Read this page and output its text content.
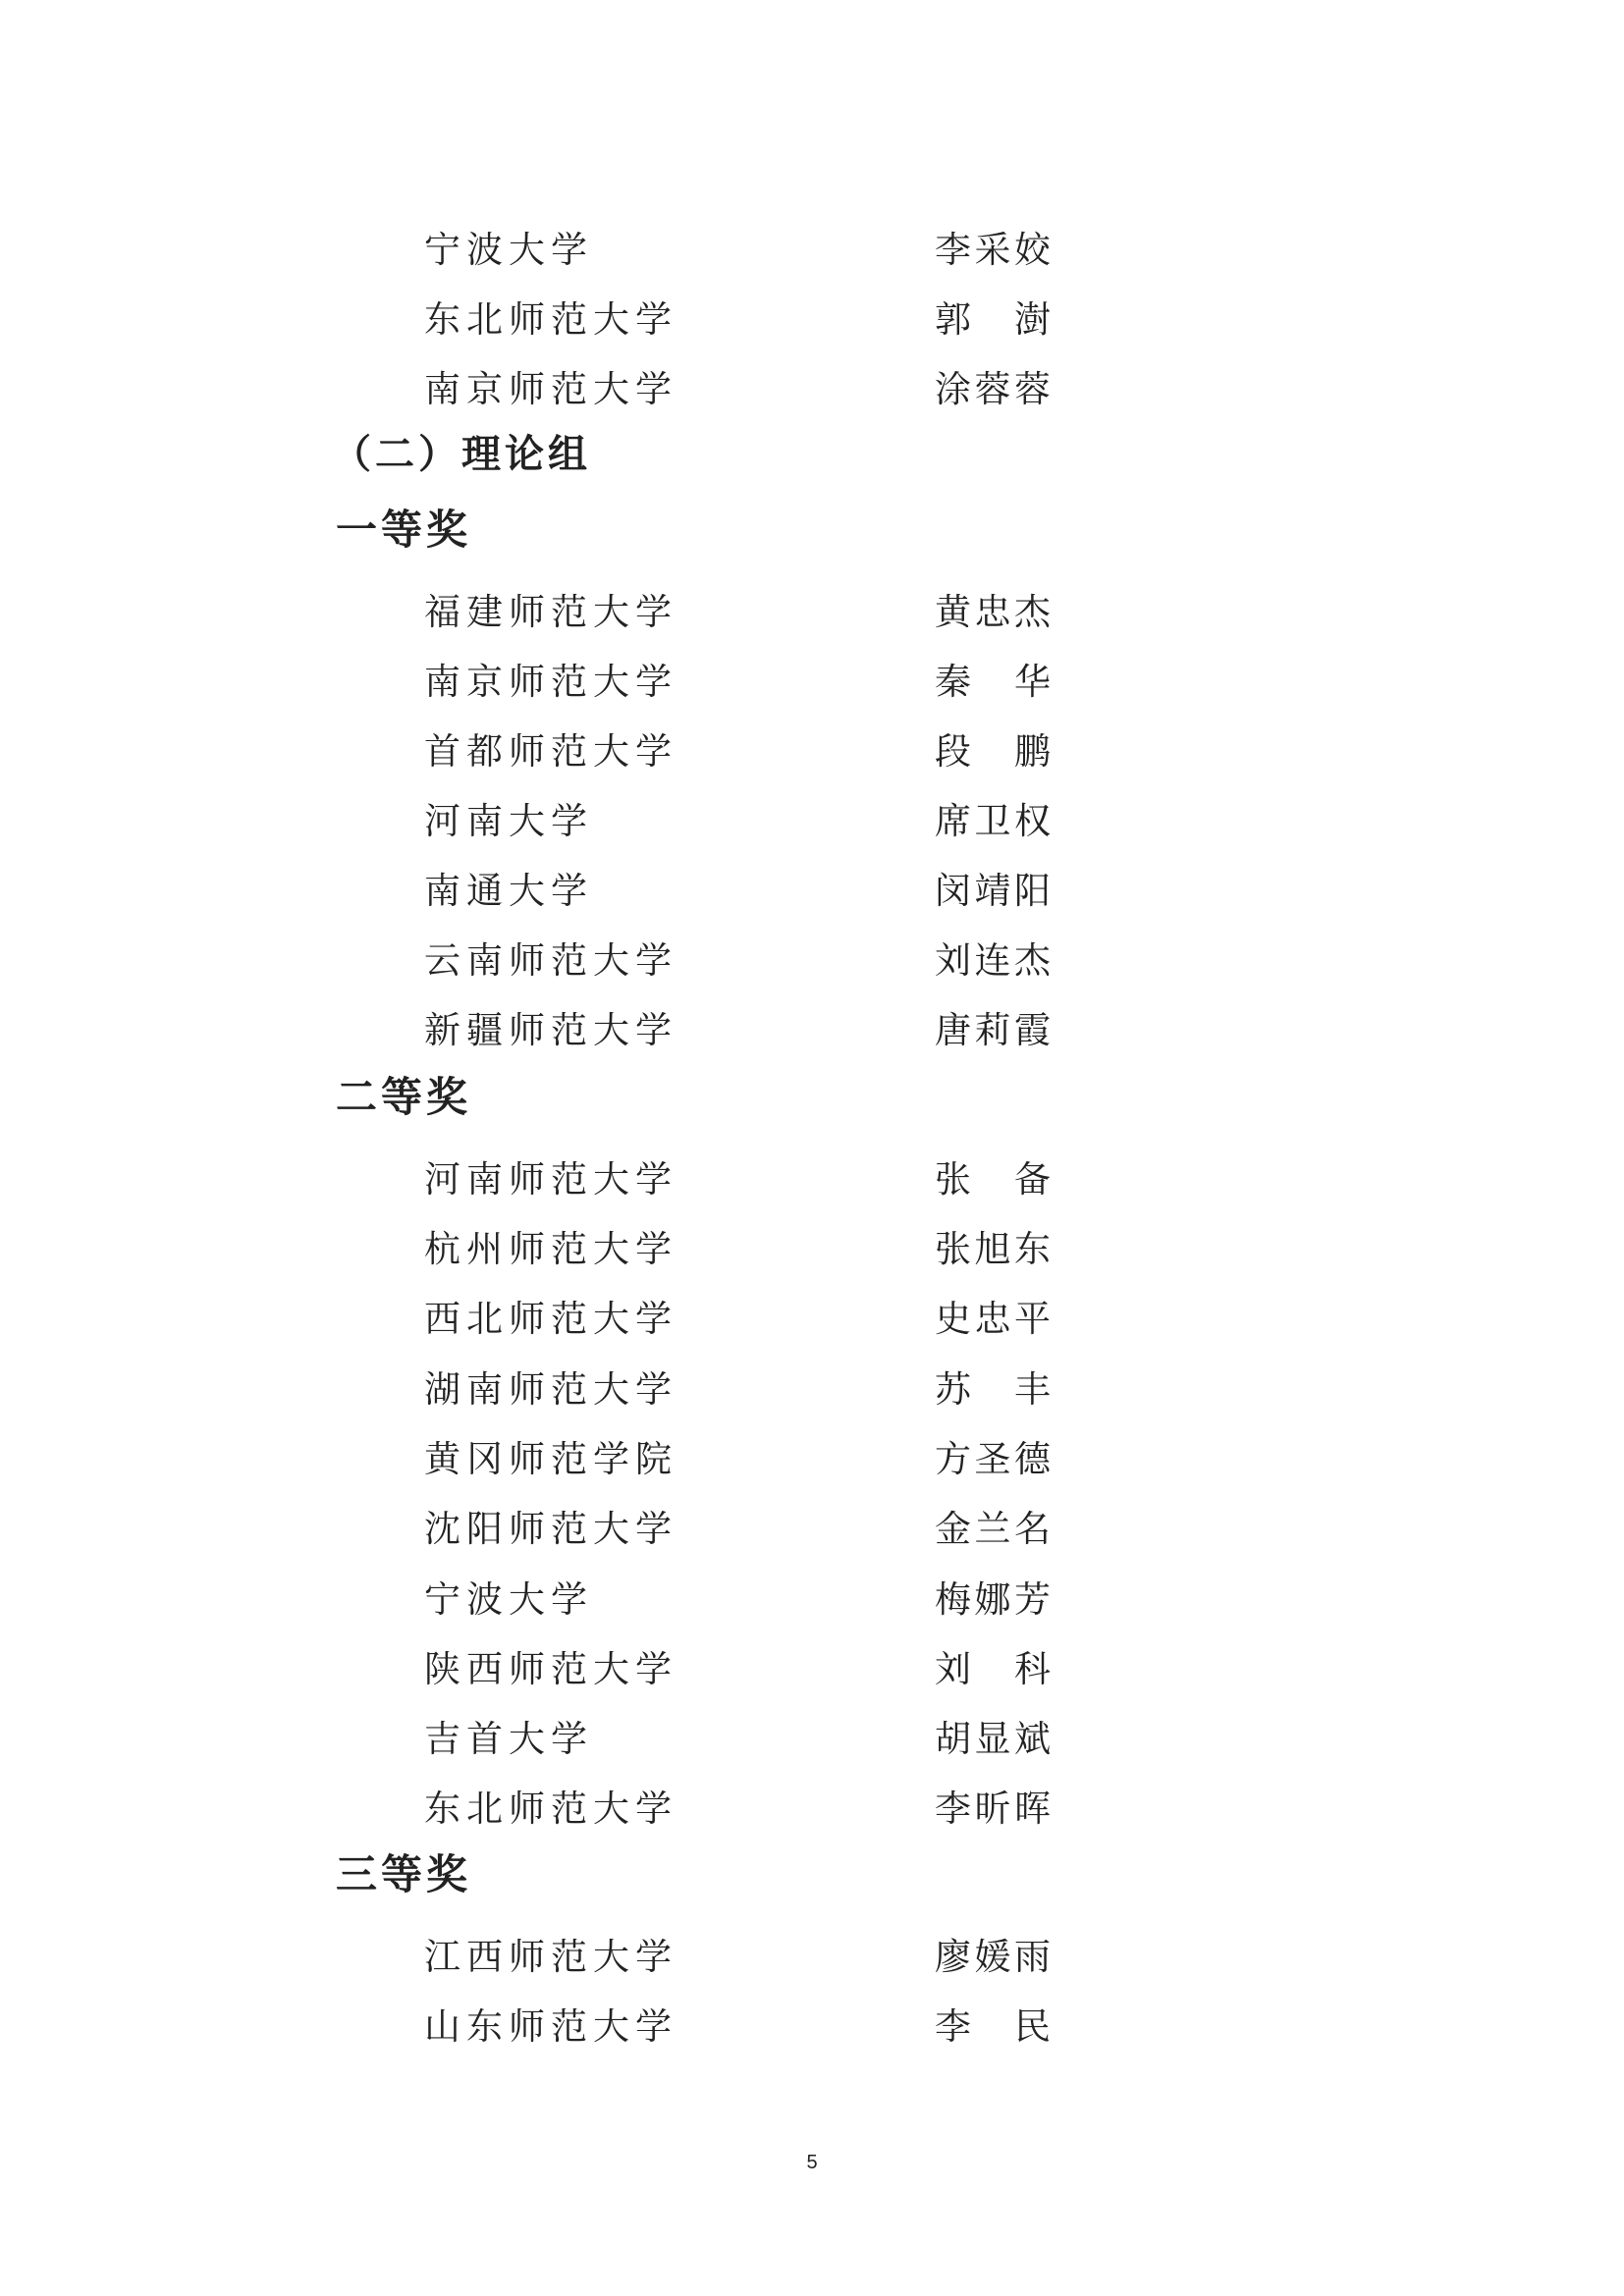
宁波大学	李采姣
东北师范大学	郭 澍
南京师范大学	涂蓉蓉
（二）理论组
一等奖
福建师范大学	黄忠杰
南京师范大学	秦 华
首都师范大学	段 鹏
河南大学	席卫权
南通大学	闵靖阳
云南师范大学	刘连杰
新疆师范大学	唐莉霞
二等奖
河南师范大学	张 备
杭州师范大学	张旭东
西北师范大学	史忠平
湖南师范大学	苏 丰
黄冈师范学院	方圣德
沈阳师范大学	金兰名
宁波大学	梅娜芳
陕西师范大学	刘 科
吉首大学	胡显斌
东北师范大学	李昕晖
三等奖
江西师范大学	廖媛雨
山东师范大学	李 民
5
